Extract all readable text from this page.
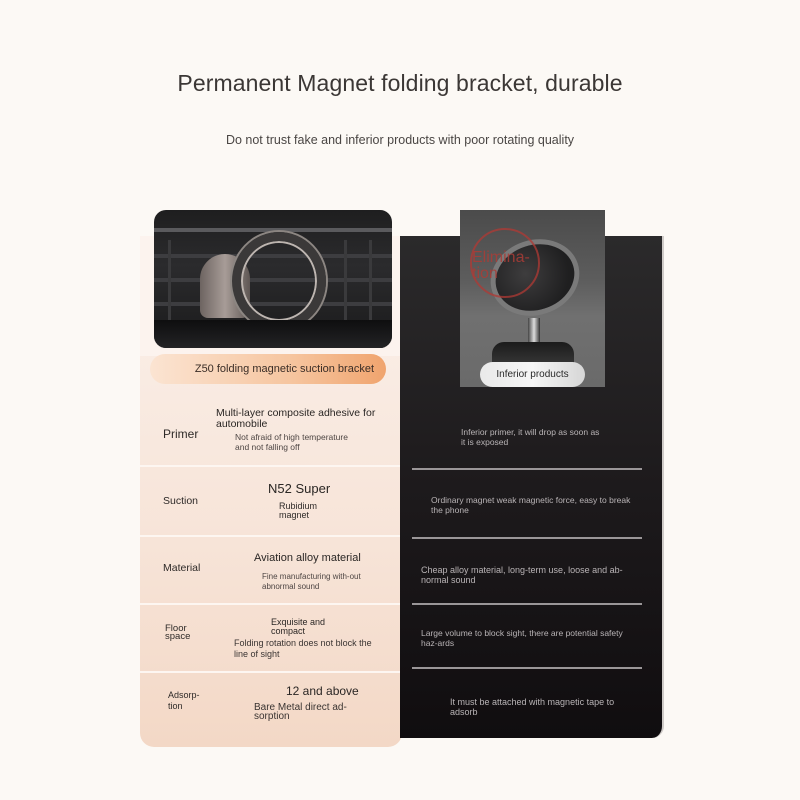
Permanent Magnet folding bracket, durable
Do not trust fake and inferior products with poor rotating quality
Z50 folding magnetic suction bracket
Primer
Multi-layer composite adhesive for automobile
Not afraid of high temperature and not falling off
Suction
N52 Super
Rubidium magnet
Material
Aviation alloy material
Fine manufacturing with-out abnormal sound
Floor space
Exquisite and compact
Folding rotation does not block the line of sight
Adsorp-tion
12 and above
Bare Metal direct ad-sorption
Elimina-tion
Inferior products
Inferior primer, it will drop as soon as it is exposed
Ordinary magnet weak magnetic force, easy to break the phone
Cheap alloy material, long-term use, loose and ab-normal sound
Large volume to block sight, there are potential safety haz-ards
It must be attached with magnetic tape to adsorb
